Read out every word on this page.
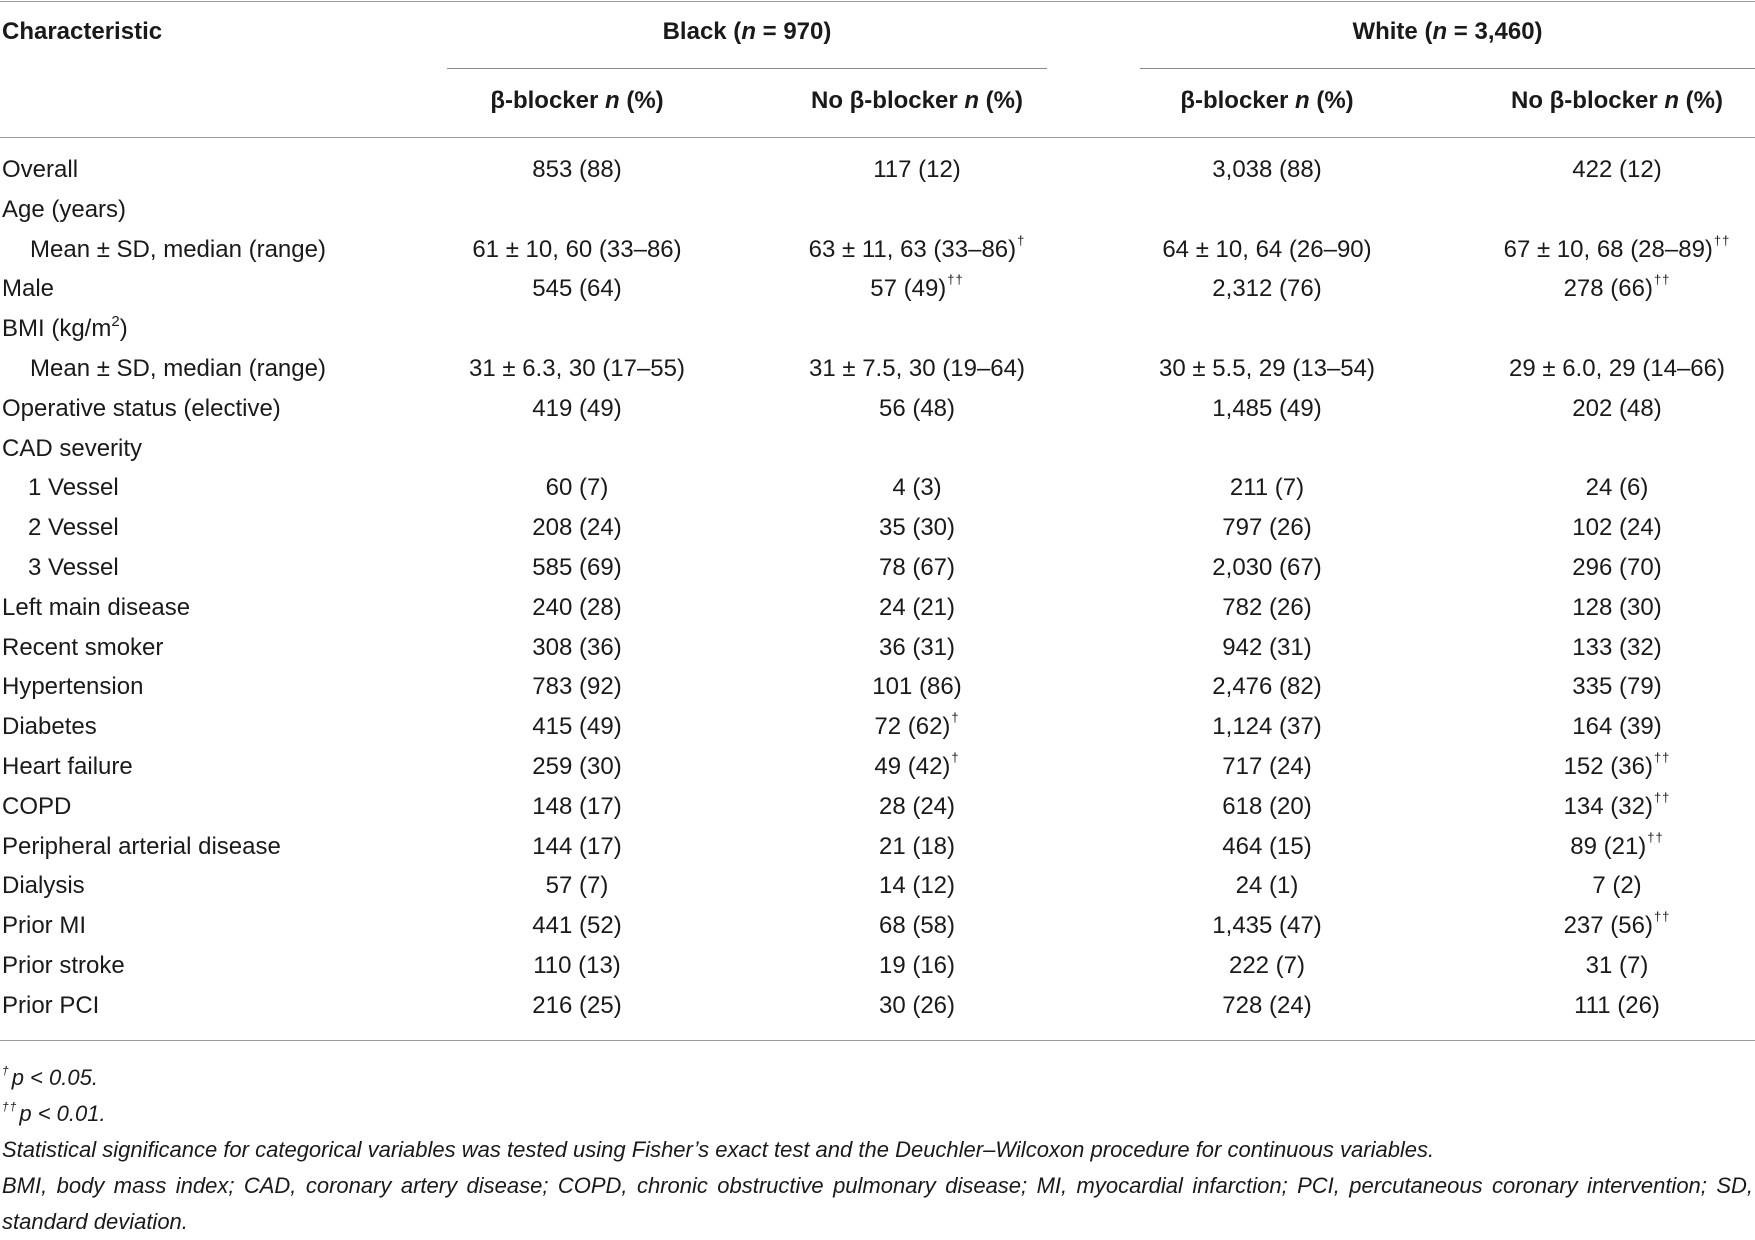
Characteristic	Black (n = 970)	White (n = 3,460)
β-blocker n (%)	No β-blocker n (%)	β-blocker n (%)	No β-blocker n (%)
Overall	853 (88)	117 (12)	3,038 (88)	422 (12)
Age (years)
Mean ± SD, median (range)	61 ± 10, 60 (33–86)	63 ± 11, 63 (33–86)†	64 ± 10, 64 (26–90)	67 ± 10, 68 (28–89)††
Male	545 (64)	57 (49)††	2,312 (76)	278 (66)††
BMI $(kg/m^2)$
Mean ± SD, median (range)	31 ± 6.3, 30 (17–55)	31 ± 7.5, 30 (19–64)	30 ± 5.5, 29 (13–54)	29 ± 6.0, 29 (14–66)
Operative status (elective)	419 (49)	56 (48)	1,485 (49)	202 (48)
CAD severity
1 Vessel	60 (7)	4 (3)	211 (7)	24 (6)
2 Vessel	208 (24)	35 (30)	797 (26)	102 (24)
3 Vessel	585 (69)	78 (67)	2,030 (67)	296 (70)
Left main disease	240 (28)	24 (21)	782 (26)	128 (30)
Recent smoker	308 (36)	36 (31)	942 (31)	133 (32)
Hypertension	783 (92)	101 (86)	2,476 (82)	335 (79)
Diabetes	415 (49)	72 (62)†	1,124 (37)	164 (39)
Heart failure	259 (30)	49 (42)†	717 (24)	152 (36)††
COPD	148 (17)	28 (24)	618 (20)	134 (32)††
Peripheral arterial disease	144 (17)	21 (18)	464 (15)	89 (21)††
Dialysis	57 (7)	14 (12)	24 (1)	7 (2)
Prior MI	441 (52)	68 (58)	1,435 (47)	237 (56)††
Prior stroke	110 (13)	19 (16)	222 (7)	31 (7)
Prior PCI	216 (25)	30 (26)	728 (24)	111 (26)
†p < 0.05.
††p < 0.01.
Statistical significance for categorical variables was tested using Fisher’s exact test and the Deuchler–Wilcoxon procedure for continuous variables.
BMI, body mass index; CAD, coronary artery disease; COPD, chronic obstructive pulmonary disease; MI, myocardial infarction; PCI, percutaneous coronary intervention; SD, standard deviation.
